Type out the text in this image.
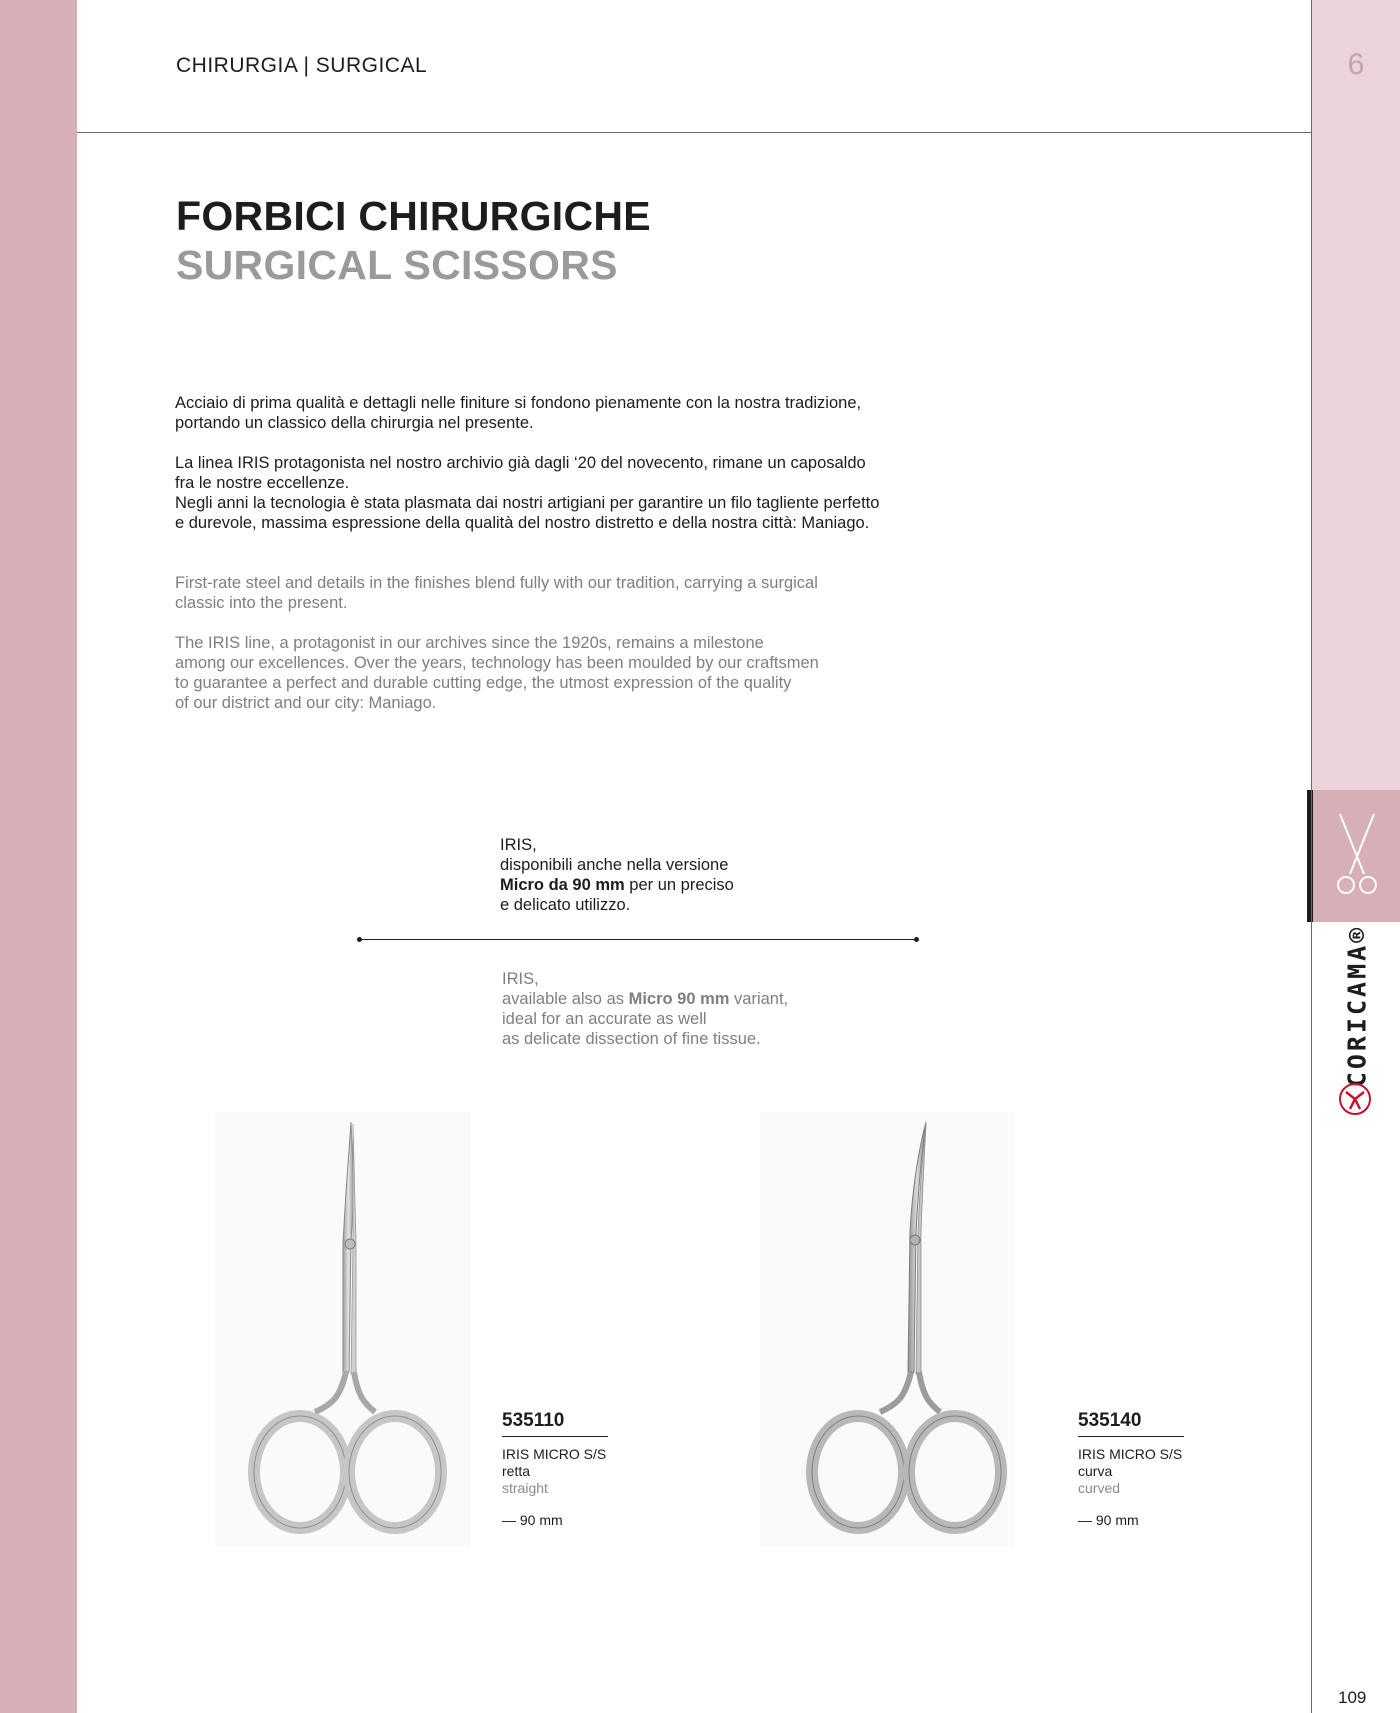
CHIRURGIA | SURGICAL	6
FORBICI CHIRURGICHE
SURGICAL SCISSORS

Acciaio di prima qualità e dettagli nelle finiture si fondono pienamente con la nostra tradizione,
portando un classico della chirurgia nel presente.

La linea IRIS protagonista nel nostro archivio già dagli ‘20 del novecento, rimane un caposaldo
fra le nostre eccellenze.
Negli anni la tecnologia è stata plasmata dai nostri artigiani per garantire un filo tagliente perfetto
e durevole, massima espressione della qualità del nostro distretto e della nostra città: Maniago.

First-rate steel and details in the finishes blend fully with our tradition, carrying a surgical
classic into the present.

The IRIS line, a protagonist in our archives since the 1920s, remains a milestone
among our excellences. Over the years, technology has been moulded by our craftsmen
to guarantee a perfect and durable cutting edge, the utmost expression of the quality
of our district and our city: Maniago.

IRIS,
disponibili anche nella versione
Micro da 90 mm per un preciso
e delicato utilizzo.
IRIS,
available also as Micro 90 mm variant,
ideal for an accurate as well
as delicate dissection of fine tissue.
535110
IRIS MICRO S/S
retta
straight
— 90 mm
535140
IRIS MICRO S/S
curva
curved
— 90 mm
CORICAMA®
109
